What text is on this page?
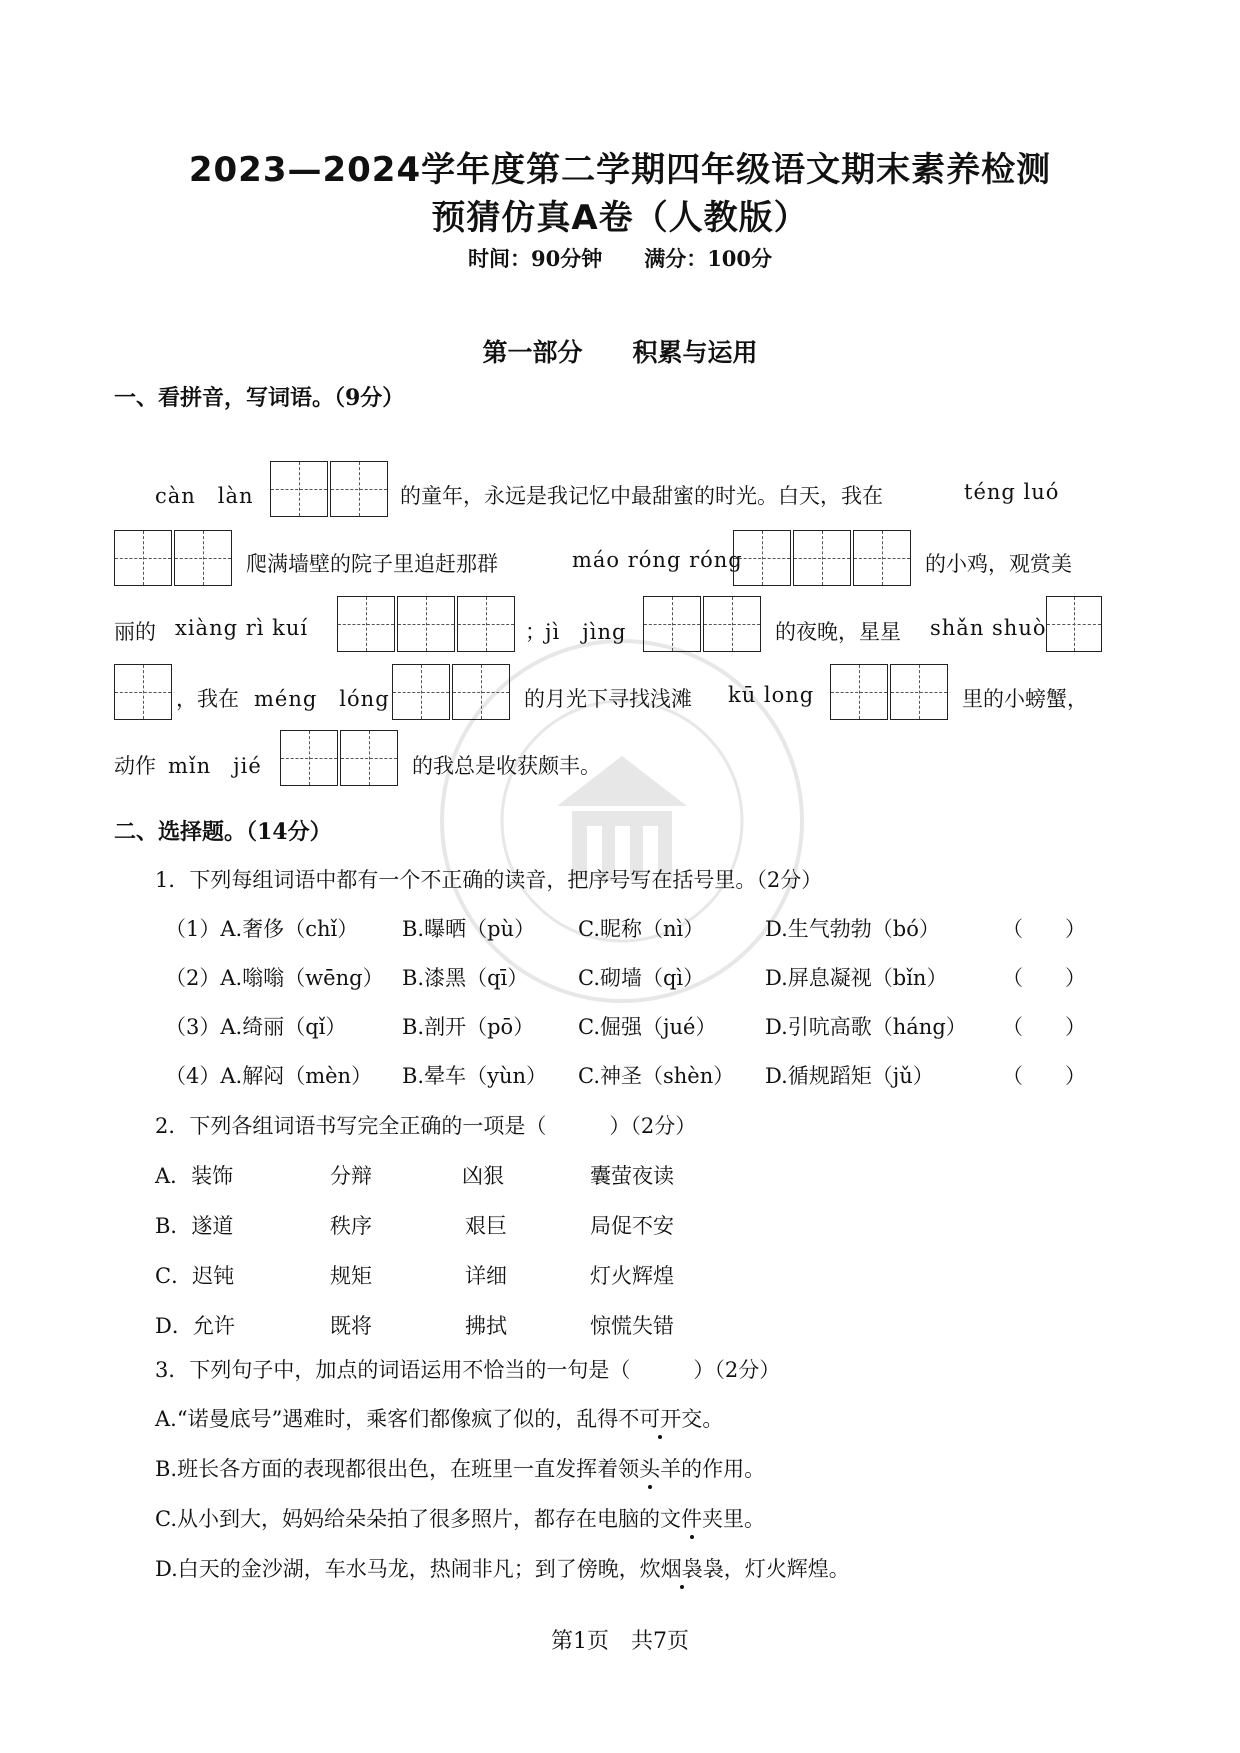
2023—2024学年度第二学期四年级语文期末素养检测
预猜仿真A卷（人教版）
时间：90分钟　　满分：100分
第一部分　　积累与运用
一、看拼音，写词语。（9分）
càn　làn	的童年，永远是我记忆中最甜蜜的时光。白天，我在	téng luó
爬满墙壁的院子里追赶那群	máo róng róng	的小鸡，观赏美
丽的 xiàng rì kuí	； jì　jìng	的夜晚，星星 shǎn shuò
，我在 méng　lóng	的月光下寻找浅滩 kū long	里的小螃蟹，
动作 mǐn　jié	的我总是收获颇丰。
二、选择题。（14分）
1．下列每组词语中都有一个不正确的读音，把序号写在括号里。（2分）
（1）A.奢侈（chǐ） B.曝晒（pù） C.昵称（nì）	D.生气勃勃（bó）	（　　）
（2）A.嗡嗡（wēng） B.漆黑（qī） C.砌墙（qì）	D.屏息凝视（bǐn）	（　　）
（3）A.绮丽（qǐ）	B.剖开（pō） C.倔强（jué） D.引吭高歌（háng） （　　）
（4）A.解闷（mèn） B.晕车（yùn） C.神圣（shèn） D.循规蹈矩（jǔ）	（　　）
2．下列各组词语书写完全正确的一项是（　　　）（2分）
A．装饰	分辩	凶狠	囊萤夜读
B．遂道	秩序	艰巨	局促不安
C．迟钝	规矩	详细	灯火辉煌
D．允许	既将	拂拭	惊慌失错
3．下列句子中，加点的词语运用不恰当的一句是（　　　）（2分）
A.“诺曼底号”遇难时，乘客们都像疯了似的，乱得不可开交。
B.班长各方面的表现都很出色，在班里一直发挥着领头羊的作用。
C.从小到大，妈妈给朵朵拍了很多照片，都存在电脑的文件夹里。
D.白天的金沙湖，车水马龙，热闹非凡；到了傍晚，炊烟袅袅，灯火辉煌。
第1页　共7页
